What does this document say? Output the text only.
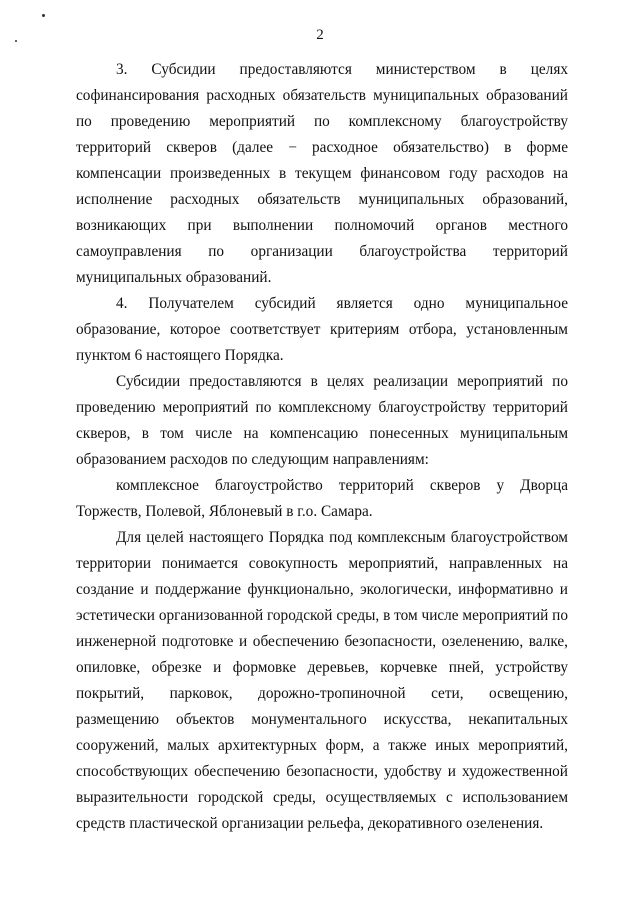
2

3. Субсидии предоставляются министерством в целях софинансирования расходных обязательств муниципальных образований по проведению мероприятий по комплексному благоустройству территорий скверов (далее − расходное обязательство) в форме компенсации произведенных в текущем финансовом году расходов на исполнение расходных обязательств муниципальных образований, возникающих при выполнении полномочий органов местного самоуправления по организации благоустройства территорий муниципальных образований.

4. Получателем субсидий является одно муниципальное образование, которое соответствует критериям отбора, установленным пунктом 6 настоящего Порядка.

Субсидии предоставляются в целях реализации мероприятий по проведению мероприятий по комплексному благоустройству территорий скверов, в том числе на компенсацию понесенных муниципальным образованием расходов по следующим направлениям:

комплексное благоустройство территорий скверов у Дворца Торжеств, Полевой, Яблоневый в г.о. Самара.

Для целей настоящего Порядка под комплексным благоустройством территории понимается совокупность мероприятий, направленных на создание и поддержание функционально, экологически, информативно и эстетически организованной городской среды, в том числе мероприятий по инженерной подготовке и обеспечению безопасности, озеленению, валке, опиловке, обрезке и формовке деревьев, корчевке пней, устройству покрытий, парковок, дорожно-тропиночной сети, освещению, размещению объектов монументального искусства, некапитальных сооружений, малых архитектурных форм, а также иных мероприятий, способствующих обеспечению безопасности, удобству и художественной выразительности городской среды, осуществляемых с использованием средств пластической организации рельефа, декоративного озеленения.
